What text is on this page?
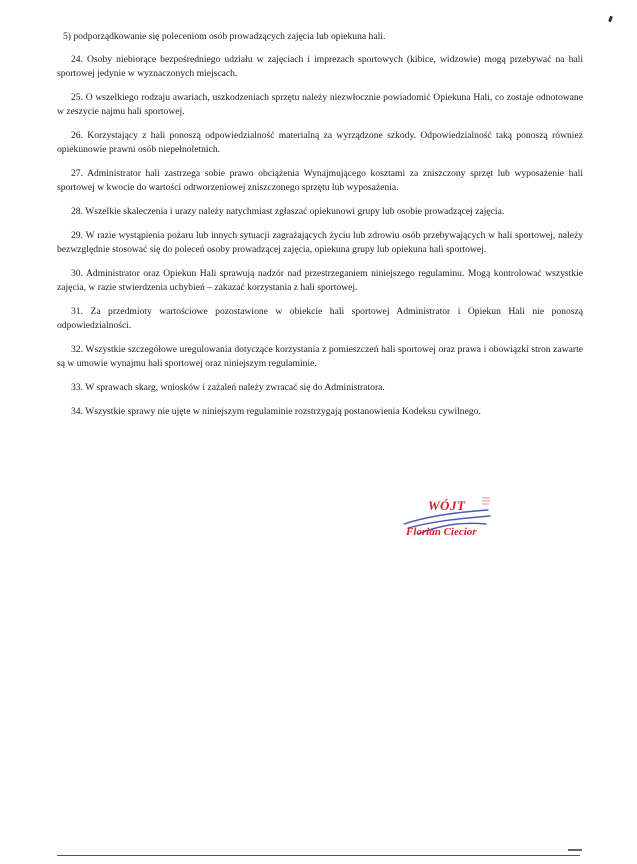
5) podporządkowanie się poleceniom osób prowadzących zajęcia lub opiekuna hali.

24. Osoby niebiorące bezpośredniego udziału w zajęciach i imprezach sportowych (kibice, widzowie) mogą przebywać na hali sportowej jedynie w wyznaczonych miejscach.

25. O wszelkiego rodzaju awariach, uszkodzeniach sprzętu należy niezwłocznie powiadomić Opiekuna Hali, co zostaje odnotowane w zeszycie najmu hali sportowej.

26. Korzystający z hali ponoszą odpowiedzialność materialną za wyrządzone szkody. Odpowiedzialność taką ponoszą również opiekunowie prawni osób niepełnoletnich.

27. Administrator hali zastrzega sobie prawo obciążenia Wynajmującego kosztami za zniszczony sprzęt lub wyposażenie hali sportowej w kwocie do wartości odtworzeniowej zniszczonego sprzętu lub wyposażenia.

28. Wszelkie skaleczenia i urazy należy natychmiast zgłaszać opiekunowi grupy lub osobie prowadzącej zajęcia.

29. W razie wystąpienia pożaru lub innych sytuacji zagrażających życiu lub zdrowiu osób przebywających w hali sportowej, należy bezwzględnie stosować się do poleceń osoby prowadzącej zajęcia, opiekuna grupy lub opiekuna hali sportowej.

30. Administrator oraz Opiekun Hali sprawują nadzór nad przestrzeganiem niniejszego regulaminu. Mogą kontrolować wszystkie zajęcia, w razie stwierdzenia uchybień – zakazać korzystania z hali sportowej.

31. Za przedmioty wartościowe pozostawione w obiekcie hali sportowej Administrator i Opiekun Hali nie ponoszą odpowiedzialności.

32. Wszystkie szczegółowe uregulowania dotyczące korzystania z pomieszczeń hali sportowej oraz prawa i obowiązki stron zawarte są w umowie wynajmu hali sportowej oraz niniejszym regulaminie.

33. W sprawach skarg, wniosków i zażaleń należy zwracać się do Administratora.

34. Wszystkie sprawy nie ujęte w niniejszym regulaminie rozstrzygają postanowienia Kodeksu cywilnego.

WÓJT
Florian Ciecior
